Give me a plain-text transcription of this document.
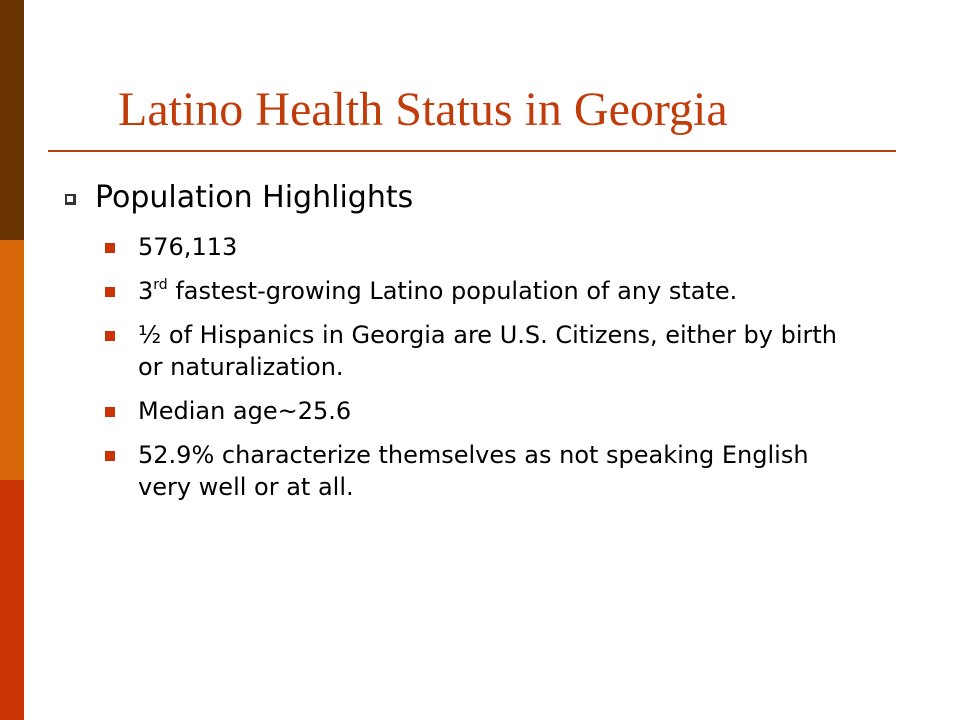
Latino Health Status in Georgia
Population Highlights
576,113
3rd fastest-growing Latino population of any state.
½ of Hispanics in Georgia are U.S. Citizens, either by birth or naturalization.
Median age~25.6
52.9% characterize themselves as not speaking English very well or at all.
